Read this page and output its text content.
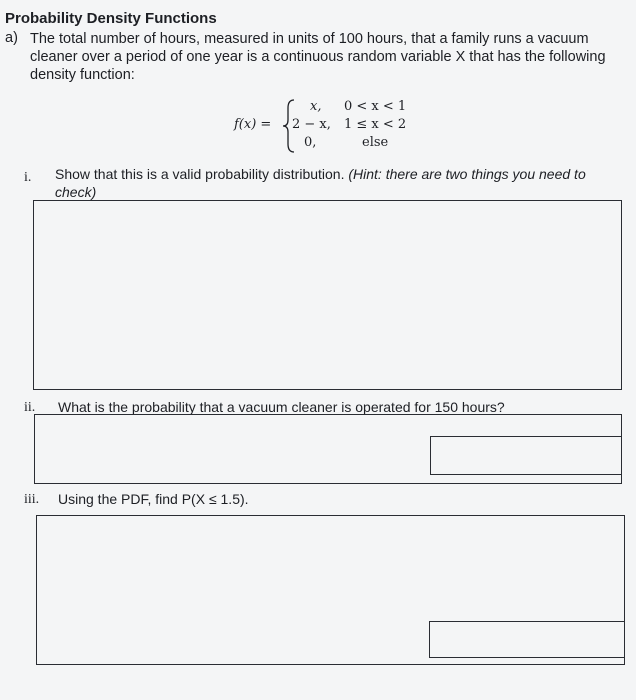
Probability Density Functions
a) The total number of hours, measured in units of 100 hours, that a family runs a vacuum
cleaner over a period of one year is a continuous random variable X that has the following
density function:
f(x) =
x, 0 < x < 1
2 − x, 1 ≤ x < 2
0,	else
i. Show that this is a valid probability distribution. (Hint: there are two things you need to
check)
ii. What is the probability that a vacuum cleaner is operated for 150 hours?
iii. Using the PDF, find P(X ≤ 1.5).
